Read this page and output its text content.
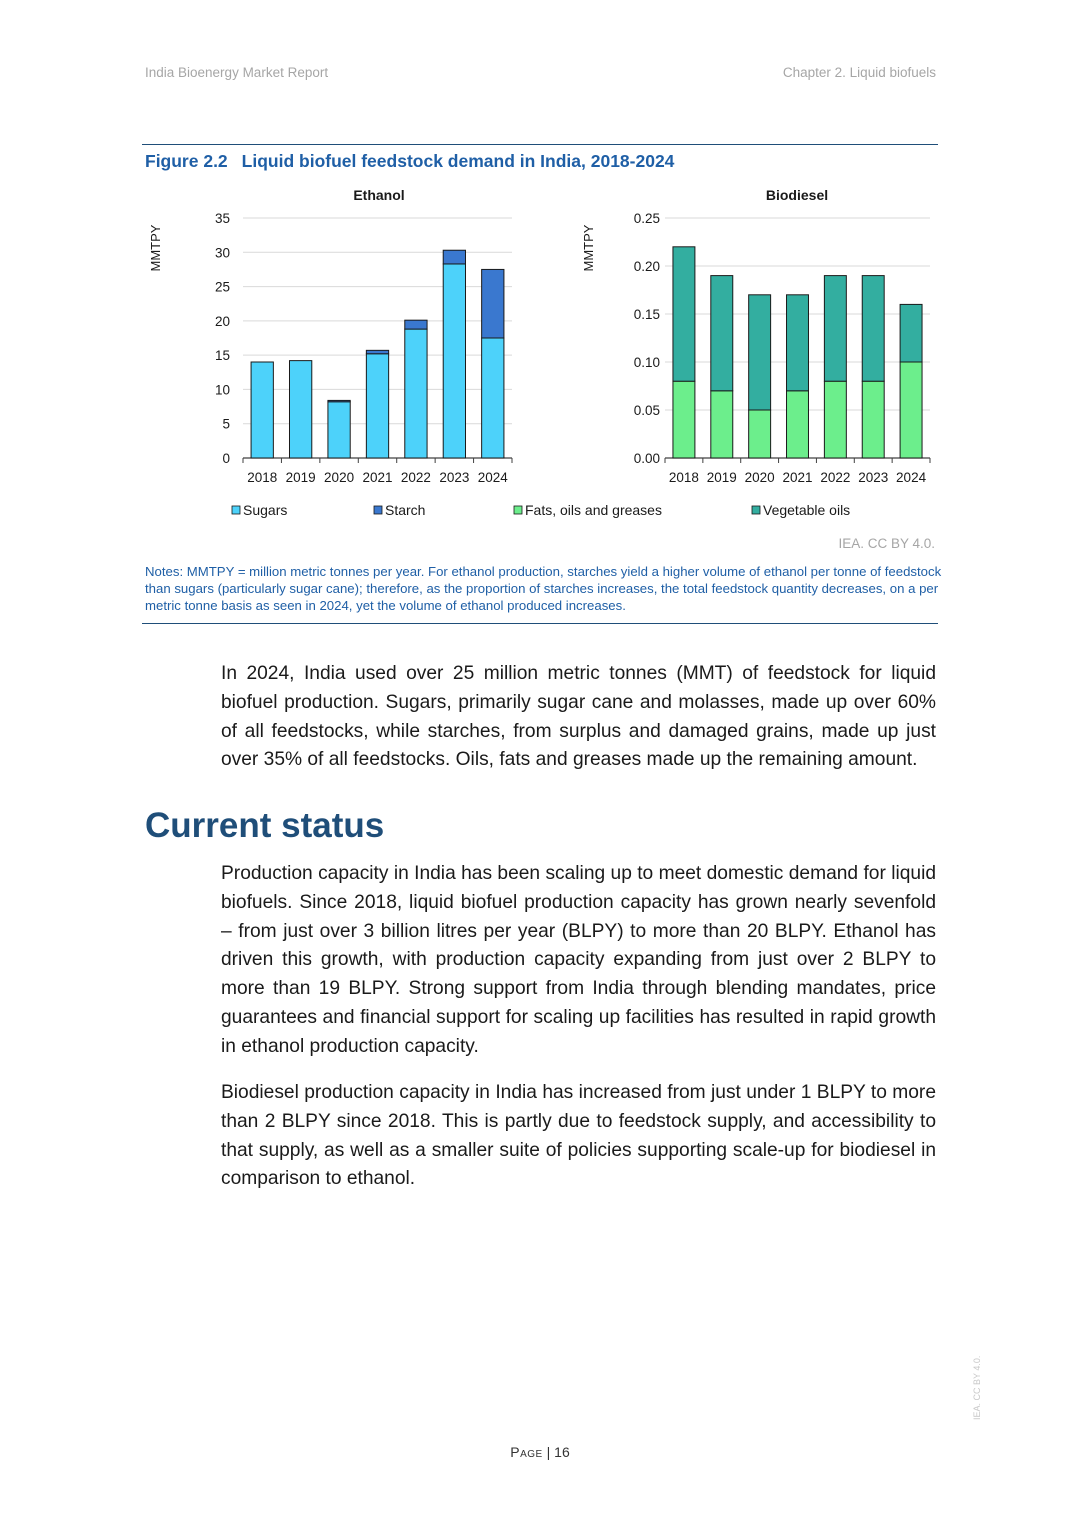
India Bioenergy Market Report	Chapter 2. Liquid biofuels
Figure 2.2 Liquid biofuel feedstock demand in India, 2018-2024
Ethanol
MMTPY
0
5
10
15
20
25
30
35
2018 2019 2020 2021 2022 2023 2024
Biodiesel
MMTPY
0.00
0.05
0.10
0.15
0.20
0.25
2018 2019 2020 2021 2022 2023 2024
Sugars	Starch	Fats, oils and greases	Vegetable oils
IEA. CC BY 4.0.
Notes: MMTPY = million metric tonnes per year. For ethanol production, starches yield a higher volume of ethanol per tonne of feedstock than sugars (particularly sugar cane); therefore, as the proportion of starches increases, the total feedstock quantity decreases, on a per metric tonne basis as seen in 2024, yet the volume of ethanol produced increases.

In 2024, India used over 25 million metric tonnes (MMT) of feedstock for liquid biofuel production. Sugars, primarily sugar cane and molasses, made up over 60% of all feedstocks, while starches, from surplus and damaged grains, made up just over 35% of all feedstocks. Oils, fats and greases made up the remaining amount.

Current status

Production capacity in India has been scaling up to meet domestic demand for liquid biofuels. Since 2018, liquid biofuel production capacity has grown nearly sevenfold – from just over 3 billion litres per year (BLPY) to more than 20 BLPY. Ethanol has driven this growth, with production capacity expanding from just over 2 BLPY to more than 19 BLPY. Strong support from India through blending mandates, price guarantees and financial support for scaling up facilities has resulted in rapid growth in ethanol production capacity.

Biodiesel production capacity in India has increased from just under 1 BLPY to more than 2 BLPY since 2018. This is partly due to feedstock supply, and accessibility to that supply, as well as a smaller suite of policies supporting scale-up for biodiesel in comparison to ethanol.

Page | 16
IEA. CC BY 4.0.
